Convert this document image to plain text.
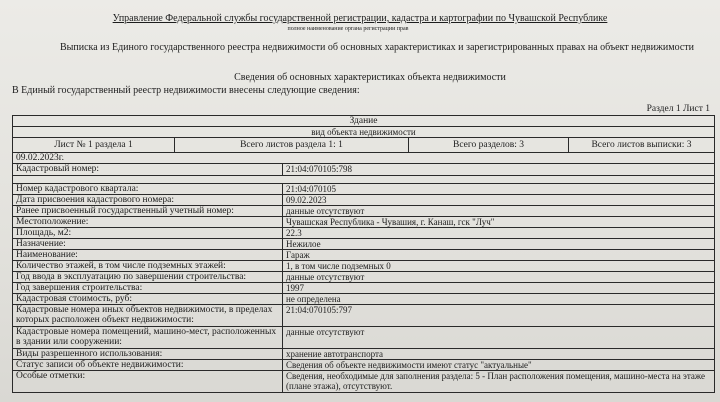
Управление Федеральной службы государственной регистрации, кадастра и картографии по Чувашской Республике
полное наименование органа регистрации прав
Выписка из Единого государственного реестра недвижимости об основных характеристиках и зарегистрированных правах на объект недвижимости
Сведения об основных характеристиках объекта недвижимости
В Единый государственный реестр недвижимости внесены следующие сведения:
Раздел 1 Лист 1
Здание				
вид объекта недвижимости				
Лист № 1 раздела 1	Всего листов раздела 1: 1		Всего разделов: 3	Всего листов выписки: 3
09.02.2023г.				
Кадастровый номер:		21:04:070105:798		

Номер кадастрового квартала:		21:04:070105		
Дата присвоения кадастрового номера:		09.02.2023		
Ранее присвоенный государственный учетный номер:		данные отсутствуют		
Местоположение:		Чувашская Республика - Чувашия, г. Канаш, гск "Луч"		
Площадь, м2:		22.3		
Назначение:		Нежилое		
Наименование:		Гараж		
Количество этажей, в том числе подземных этажей:		1, в том числе подземных 0		
Год ввода в эксплуатацию по завершении строительства:		данные отсутствуют		
Год завершения строительства:		1997		
Кадастровая стоимость, руб:		не определена		
Кадастровые номера иных объектов недвижимости, в пределах которых расположен объект недвижимости:		21:04:070105:797		
Кадастровые номера помещений, машино-мест, расположенных в здании или сооружении:		данные отсутствуют		
Виды разрешенного использования:		хранение автотранспорта		
Статус записи об объекте недвижимости:		Сведения об объекте недвижимости имеют статус "актуальные"		
Особые отметки:		Сведения, необходимые для заполнения раздела: 5 - План расположения помещения, машино-места на этаже (плане этажа), отсутствуют.		
